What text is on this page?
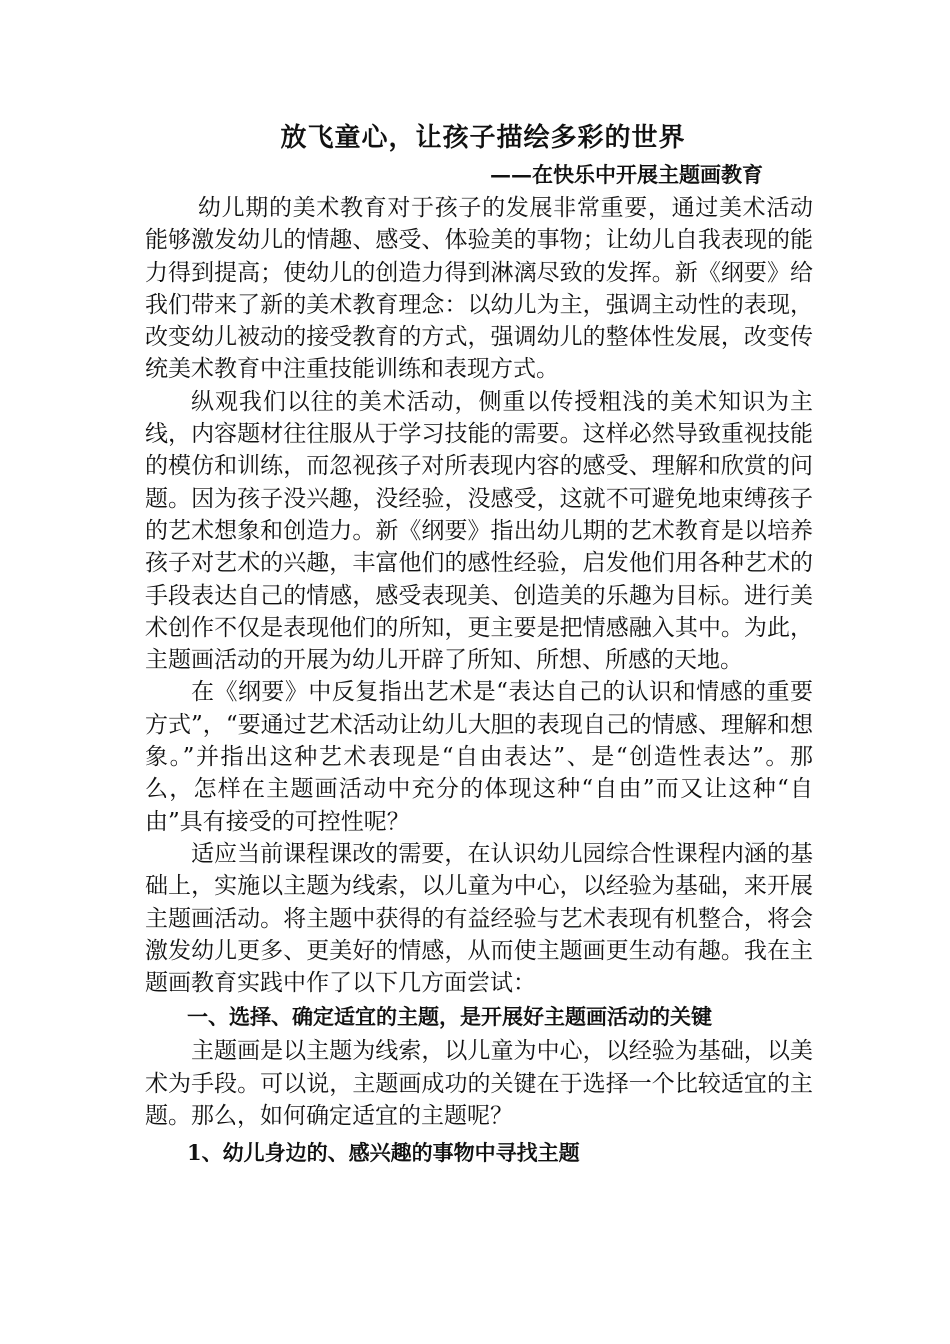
放飞童心，让孩子描绘多彩的世界
——在快乐中开展主题画教育

幼儿期的美术教育对于孩子的发展非常重要，通过美术活动能够激发幼儿的情趣、感受、体验美的事物；让幼儿自我表现的能力得到提高；使幼儿的创造力得到淋漓尽致的发挥。新《纲要》给我们带来了新的美术教育理念：以幼儿为主，强调主动性的表现，改变幼儿被动的接受教育的方式，强调幼儿的整体性发展，改变传统美术教育中注重技能训练和表现方式。

纵观我们以往的美术活动，侧重以传授粗浅的美术知识为主线，内容题材往往服从于学习技能的需要。这样必然导致重视技能的模仿和训练，而忽视孩子对所表现内容的感受、理解和欣赏的问题。因为孩子没兴趣，没经验，没感受，这就不可避免地束缚孩子的艺术想象和创造力。新《纲要》指出幼儿期的艺术教育是以培养孩子对艺术的兴趣，丰富他们的感性经验，启发他们用各种艺术的手段表达自己的情感，感受表现美、创造美的乐趣为目标。进行美术创作不仅是表现他们的所知，更主要是把情感融入其中。为此，主题画活动的开展为幼儿开辟了所知、所想、所感的天地。

在《纲要》中反复指出艺术是“表达自己的认识和情感的重要方式”，“要通过艺术活动让幼儿大胆的表现自己的情感、理解和想象。”并指出这种艺术表现是“自由表达”、是“创造性表达”。那么，怎样在主题画活动中充分的体现这种“自由”而又让这种“自由”具有接受的可控性呢？

适应当前课程课改的需要，在认识幼儿园综合性课程内涵的基础上，实施以主题为线索，以儿童为中心，以经验为基础，来开展主题画活动。将主题中获得的有益经验与艺术表现有机整合，将会激发幼儿更多、更美好的情感，从而使主题画更生动有趣。我在主题画教育实践中作了以下几方面尝试：

一、选择、确定适宜的主题，是开展好主题画活动的关键

主题画是以主题为线索，以儿童为中心，以经验为基础，以美术为手段。可以说，主题画成功的关键在于选择一个比较适宜的主题。那么，如何确定适宜的主题呢？

1、幼儿身边的、感兴趣的事物中寻找主题
